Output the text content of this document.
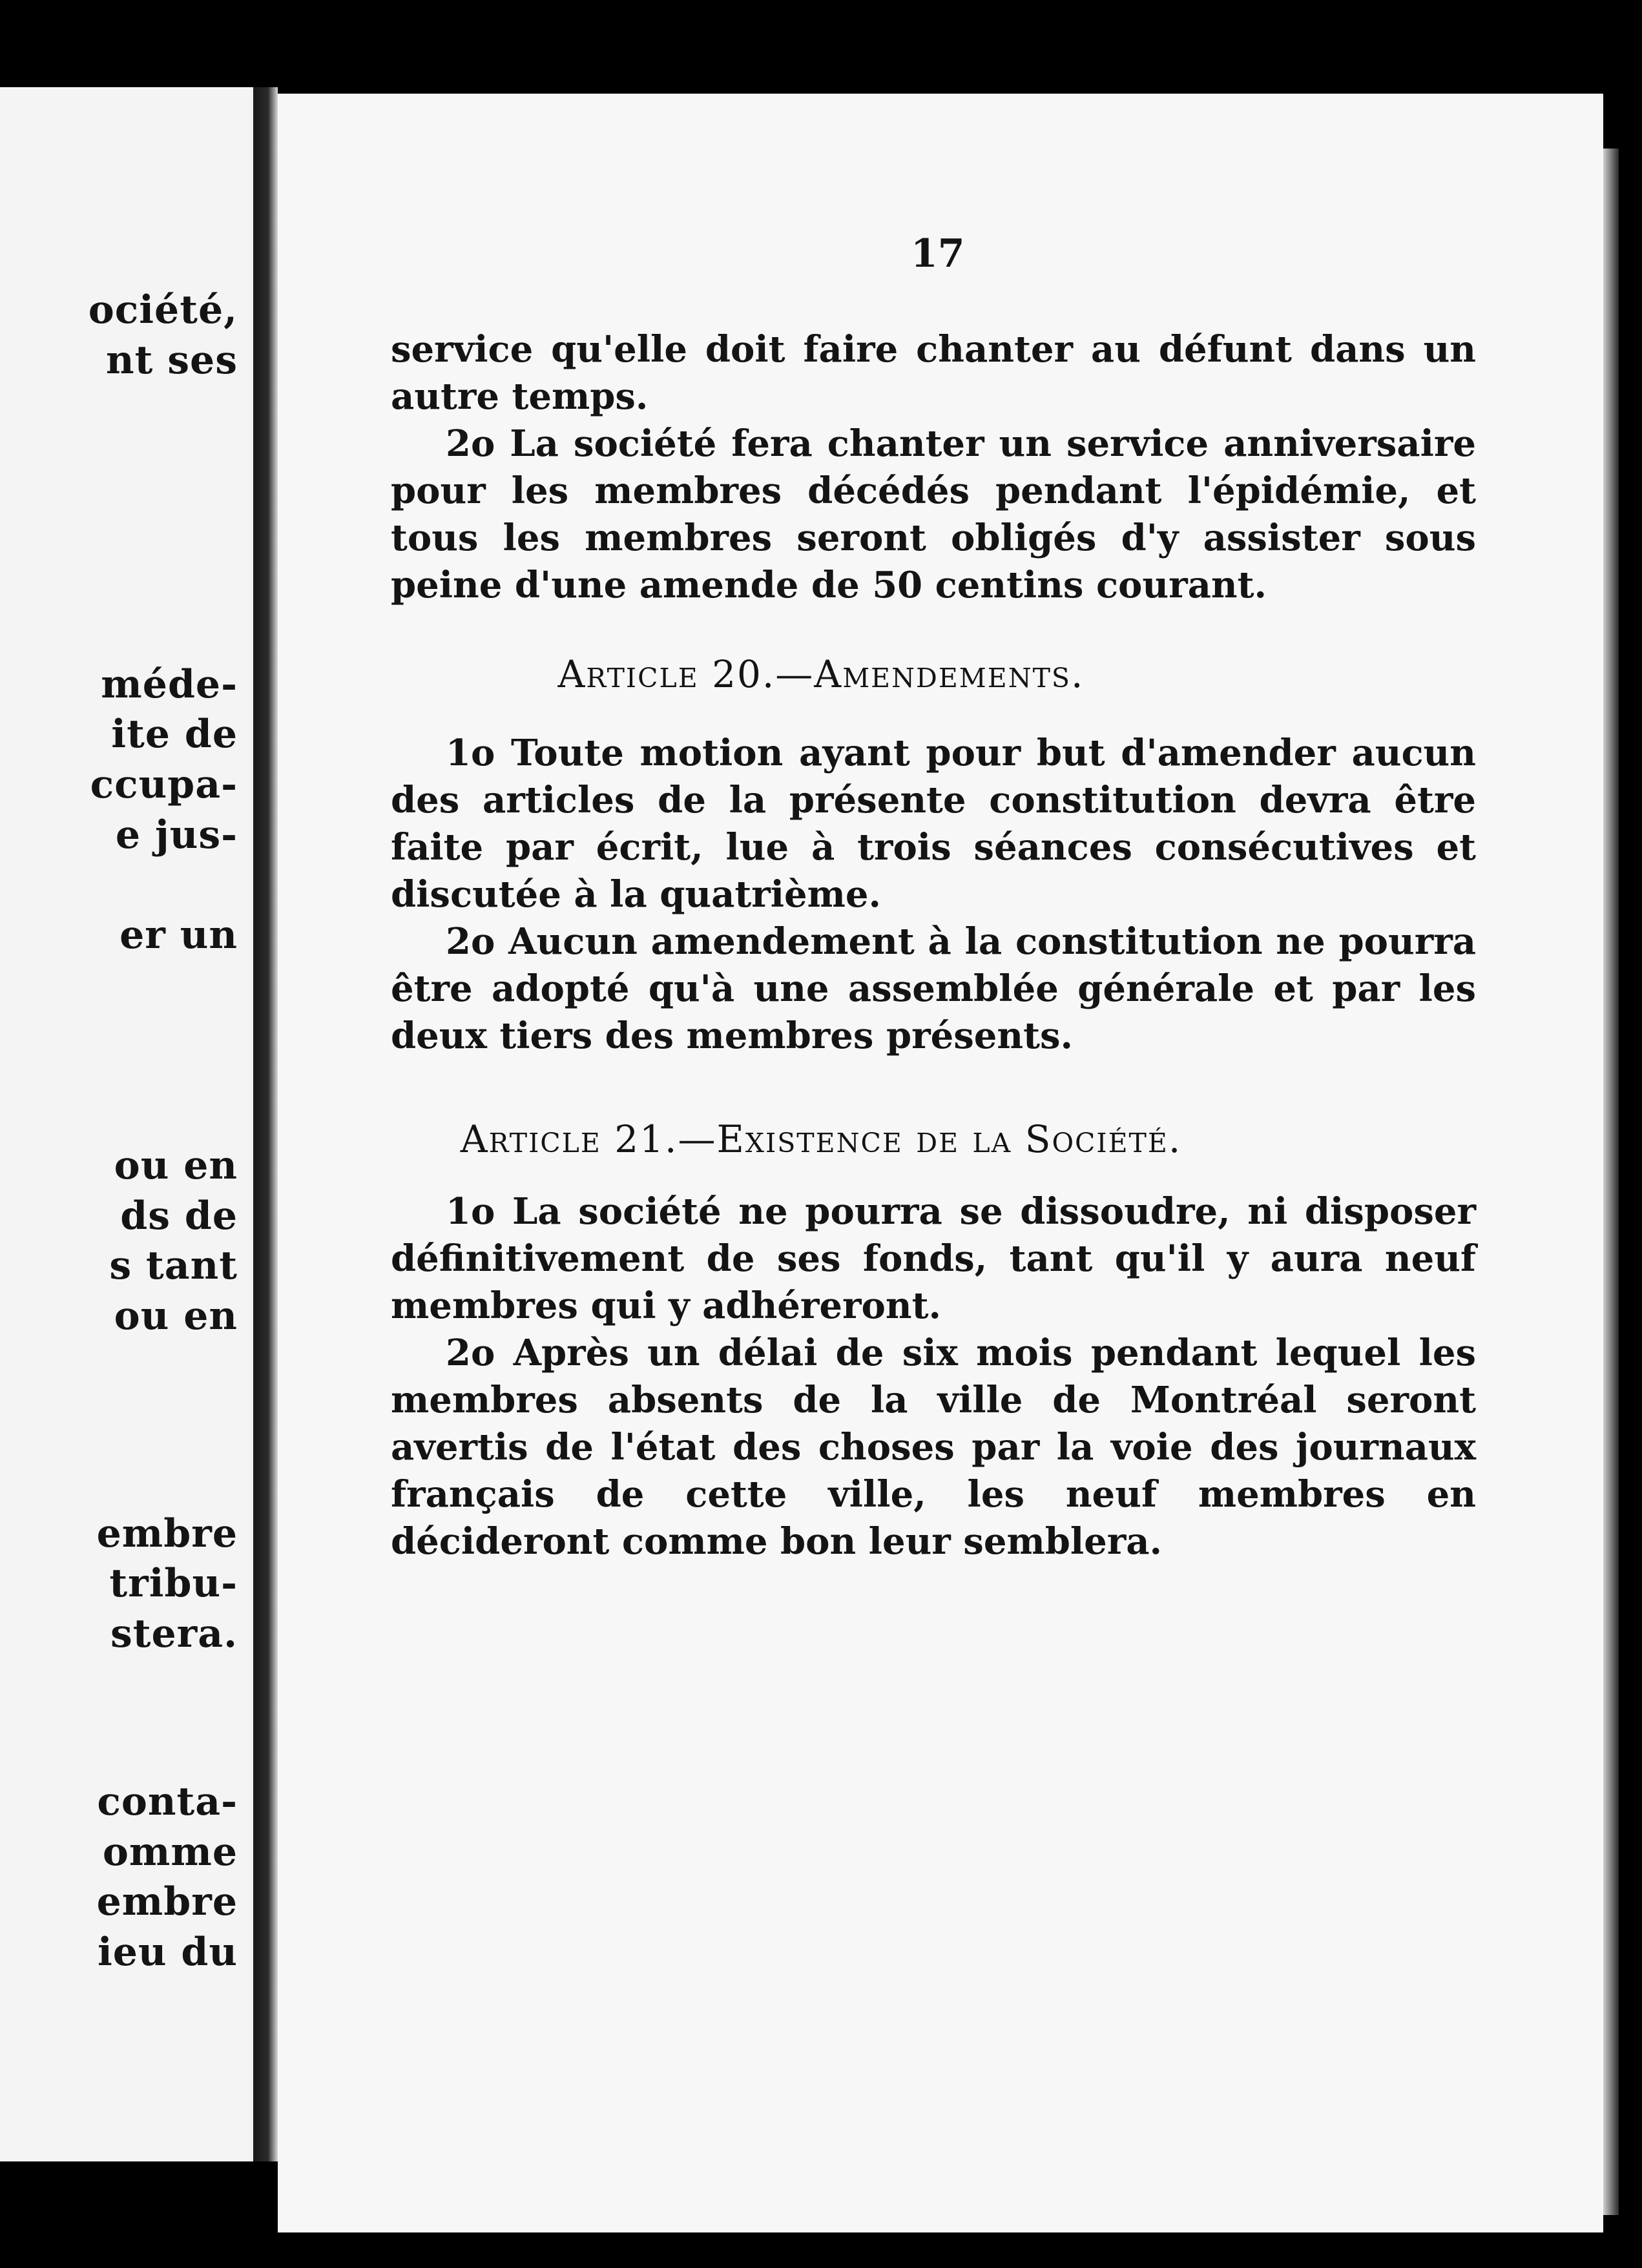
ociété,
nt ses
méde-
ite de
ccupa-
e jus-
er un
ou en
ds de
s tant
ou en
embre
tribu-
stera.
conta-
omme
embre
ieu du
17

service qu'elle doit faire chanter au défunt dans un autre temps.

2o La société fera chanter un service anniversaire pour les membres décédés pendant l'épidémie, et tous les membres seront obligés d'y assister sous peine d'une amende de 50 centins courant.

Article 20.—Amendements.

1o Toute motion ayant pour but d'amender aucun des articles de la présente constitution devra être faite par écrit, lue à trois séances consécutives et discutée à la quatrième.

2o Aucun amendement à la constitution ne pourra être adopté qu'à une assemblée générale et par les deux tiers des membres présents.

Article 21.—Existence de la Société.

1o La société ne pourra se dissoudre, ni disposer définitivement de ses fonds, tant qu'il y aura neuf membres qui y adhéreront.

2o Après un délai de six mois pendant lequel les membres absents de la ville de Montréal seront avertis de l'état des choses par la voie des journaux français de cette ville, les neuf membres en décideront comme bon leur semblera.
